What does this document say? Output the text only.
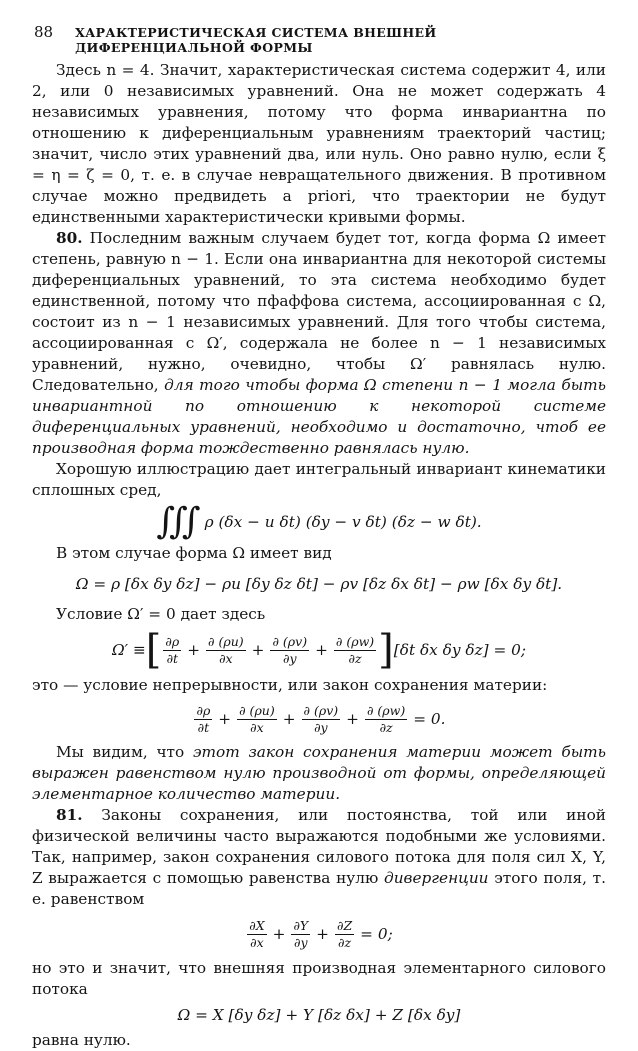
88 ХАРАКТЕРИСТИЧЕСКАЯ СИСТЕМА ВНЕШНЕЙ ДИФЕРЕНЦИАЛЬНОЙ ФОРМЫ

Здесь n = 4. Значит, характеристическая система содержит 4, или 2, или 0 независимых уравнений. Она не может содержать 4 независимых уравнения, потому что форма инвариантна по отношению к диференциальным уравнениям траекторий частиц; значит, число этих уравнений два, или нуль. Оно равно нулю, если ξ = η = ζ = 0, т. е. в случае невращательного движения. В противном случае можно предвидеть a priori, что траектории не будут единственными характеристически кривыми формы.

80. Последним важным случаем будет тот, когда форма Ω имеет степень, равную n − 1. Если она инвариантна для некоторой системы диференциальных уравнений, то эта система необходимо будет единственной, потому что пфаффова система, ассоциированная с Ω, состоит из n − 1 независимых уравнений. Для того чтобы система, ассоциированная с Ω′, содержала не более n − 1 независимых уравнений, нужно, очевидно, чтобы Ω′ равнялась нулю. Следовательно, для того чтобы форма Ω степени n − 1 могла быть инвариантной по отношению к некоторой системе диференциальных уравнений, необходимо и достаточно, чтоб ее производная форма тождественно равнялась нулю.

Хорошую иллюстрацию дает интегральный инвариант кинематики сплошных сред,

∫∫∫ ρ (δx − u δt) (δy − v δt) (δz − w δt).

В этом случае форма Ω имеет вид

Ω = ρ [δx δy δz] − ρu [δy δz δt] − ρv [δz δx δt] − ρw [δx δy δt].

Условие Ω′ = 0 дает здесь

Ω′ ≡ [ $\frac{\partial\rho}{\partial t} + \frac{\partial (\rho u)}{\partial x} + \frac{\partial (\rho v)}{\partial y} + \frac{\partial (\rho w)}{\partial z}$ ] [δt δx δy δz] = 0;

это — условие непрерывности, или закон сохранения материи:

$\frac{\partial\rho}{\partial t} + \frac{\partial (\rho u)}{\partial x} + \frac{\partial (\rho v)}{\partial y} + \frac{\partial (\rho w)}{\partial z} = 0$.

Мы видим, что этот закон сохранения материи может быть выражен равенством нулю производной от формы, определяющей элементарное количество материи.

81. Законы сохранения, или постоянства, той или иной физической величины часто выражаются подобными же условиями. Так, например, закон сохранения силового потока для поля сил X, Y, Z выражается с помощью равенства нулю дивергенции этого поля, т. е. равенством

$\frac{\partial X}{\partial x} + \frac{\partial Y}{\partial y} + \frac{\partial Z}{\partial z} = 0$;

но это и значит, что внешняя производная элементарного силового потока

Ω = X [δy δz] + Y [δz δx] + Z [δx δy]

равна нулю.
